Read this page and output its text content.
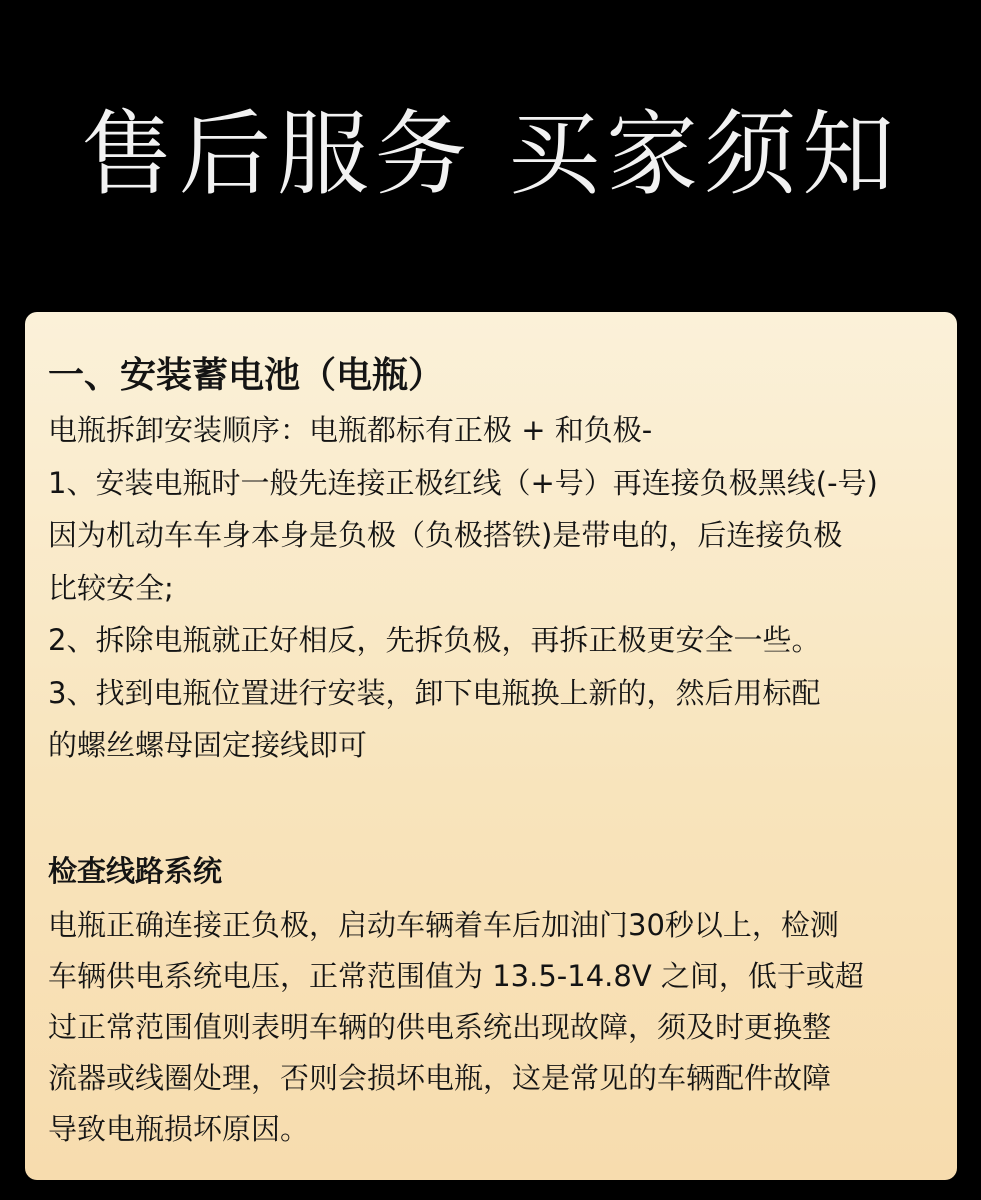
售后服务 买家须知
一、安装蓄电池（电瓶）
电瓶拆卸安装顺序：电瓶都标有正极 + 和负极-
1、安装电瓶时一般先连接正极红线（+号）再连接负极黑线(-号)
因为机动车车身本身是负极（负极搭铁)是带电的，后连接负极
比较安全;
2、拆除电瓶就正好相反，先拆负极，再拆正极更安全一些。
3、找到电瓶位置进行安装，卸下电瓶换上新的，然后用标配
的螺丝螺母固定接线即可
检查线路系统
电瓶正确连接正负极，启动车辆着车后加油门30秒以上，检测
车辆供电系统电压，正常范围值为 13.5-14.8V 之间，低于或超
过正常范围值则表明车辆的供电系统出现故障，须及时更换整
流器或线圈处理，否则会损坏电瓶，这是常见的车辆配件故障
导致电瓶损坏原因。
